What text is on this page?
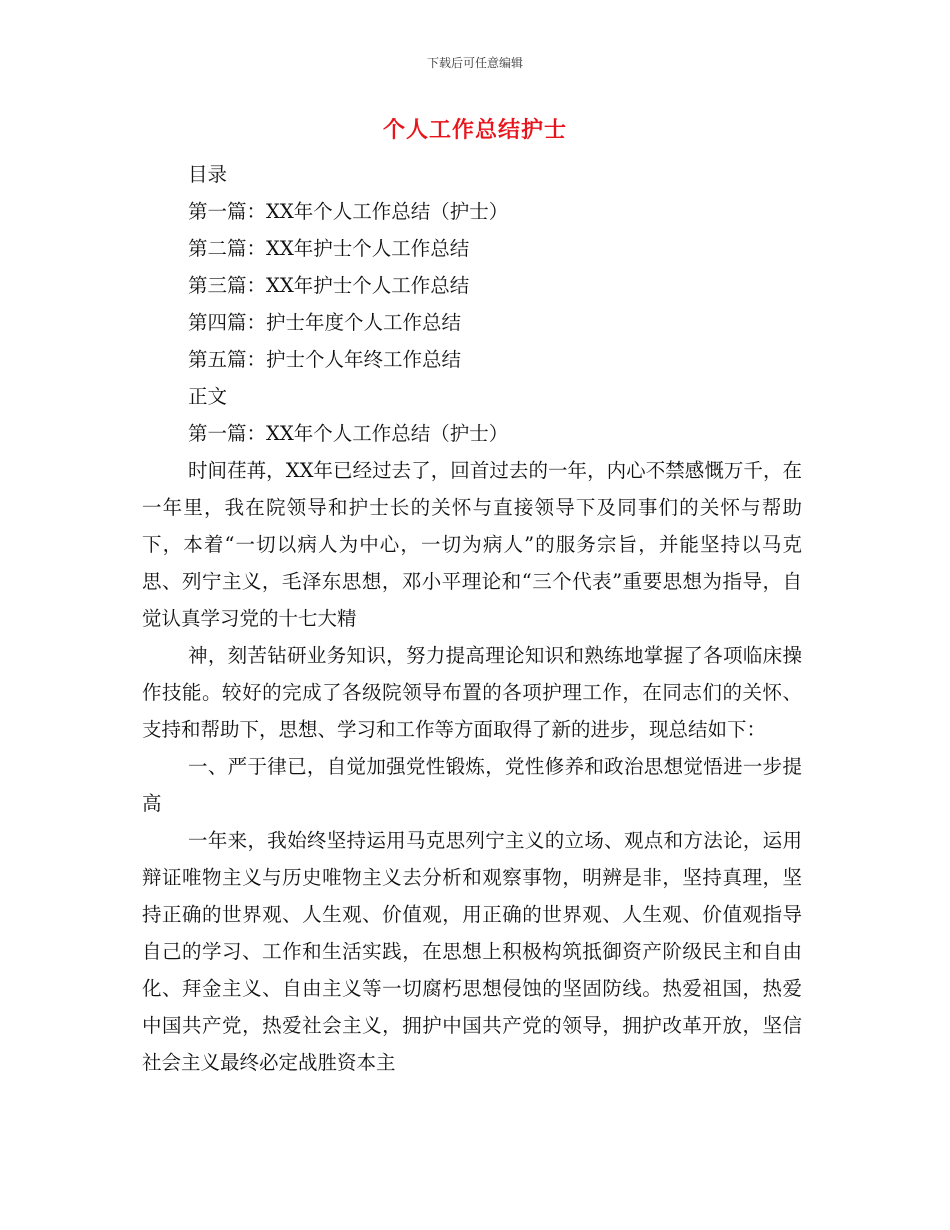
下载后可任意编辑
个人工作总结护士
目录
第一篇：XX年个人工作总结（护士）
第二篇：XX年护士个人工作总结
第三篇：XX年护士个人工作总结
第四篇：护士年度个人工作总结
第五篇：护士个人年终工作总结
正文
第一篇：XX年个人工作总结（护士）

时间荏苒，XX年已经过去了，回首过去的一年，内心不禁感慨万千，在一年里，我在院领导和护士长的关怀与直接领导下及同事们的关怀与帮助下，本着“一切以病人为中心，一切为病人”的服务宗旨，并能坚持以马克思、列宁主义，毛泽东思想，邓小平理论和“三个代表”重要思想为指导，自觉认真学习党的十七大精

神，刻苦钻研业务知识，努力提高理论知识和熟练地掌握了各项临床操作技能。较好的完成了各级院领导布置的各项护理工作，在同志们的关怀、支持和帮助下，思想、学习和工作等方面取得了新的进步，现总结如下：

一、严于律已，自觉加强党性锻炼，党性修养和政治思想觉悟进一步提高

一年来，我始终坚持运用马克思列宁主义的立场、观点和方法论，运用辩证唯物主义与历史唯物主义去分析和观察事物，明辨是非，坚持真理，坚持正确的世界观、人生观、价值观，用正确的世界观、人生观、价值观指导自己的学习、工作和生活实践，在思想上积极构筑抵御资产阶级民主和自由化、拜金主义、自由主义等一切腐朽思想侵蚀的坚固防线。热爱祖国，热爱中国共产党，热爱社会主义，拥护中国共产党的领导，拥护改革开放，坚信社会主义最终必定战胜资本主
